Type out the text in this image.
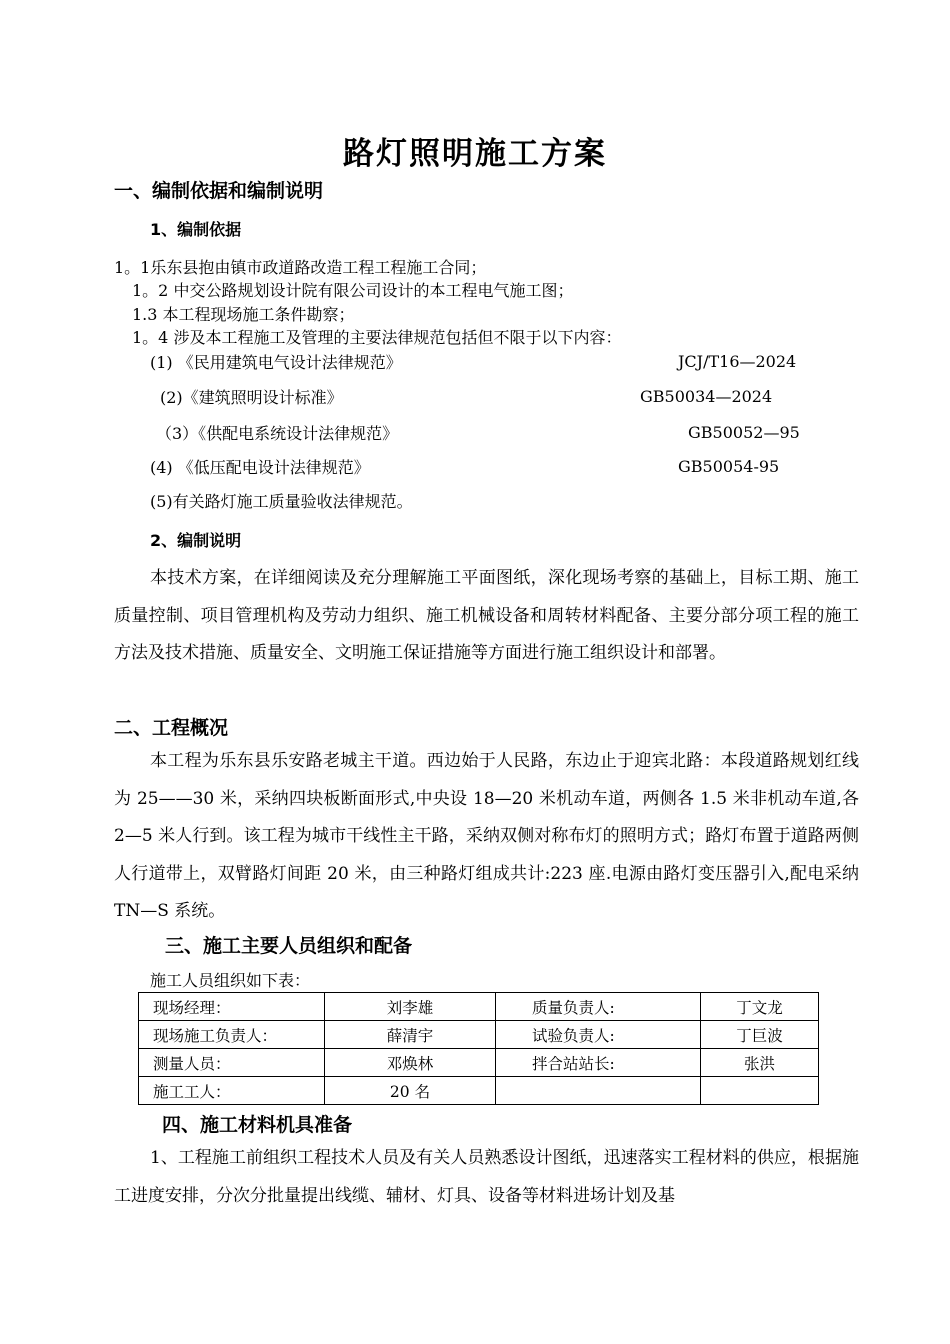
路灯照明施工方案
一、编制依据和编制说明
1、编制依据
1。1乐东县抱由镇市政道路改造工程工程施工合同；
1。2 中交公路规划设计院有限公司设计的本工程电气施工图；
1.3 本工程现场施工条件勘察；
1。4 涉及本工程施工及管理的主要法律规范包括但不限于以下内容：
(1) 《民用建筑电气设计法律规范》	JCJ/T16—2024
(2)《建筑照明设计标准》	GB50034—2024
（3）《供配电系统设计法律规范》	GB50052—95
(4) 《低压配电设计法律规范》	GB50054-95
(5)有关路灯施工质量验收法律规范。
2、编制说明
本技术方案，在详细阅读及充分理解施工平面图纸，深化现场考察的基础上，目标工期、施工质量控制、项目管理机构及劳动力组织、施工机械设备和周转材料配备、主要分部分项工程的施工方法及技术措施、质量安全、文明施工保证措施等方面进行施工组织设计和部署。
二、工程概况
本工程为乐东县乐安路老城主干道。西边始于人民路，东边止于迎宾北路：本段道路规划红线为 25——30 米，采纳四块板断面形式,中央设 18—20 米机动车道，两侧各 1.5 米非机动车道,各 2—5 米人行到。该工程为城市干线性主干路，采纳双侧对称布灯的照明方式；路灯布置于道路两侧人行道带上，双臂路灯间距 20 米，由三种路灯组成共计:223 座.电源由路灯变压器引入,配电采纳 TN—S 系统。
三、施工主要人员组织和配备
施工人员组织如下表：
现场经理：	刘李雄	质量负责人:	丁文龙
现场施工负责人：	薛清宇	试验负责人:	丁巨波
测量人员：	邓焕林	拌合站站长:	张洪
施工工人：	20 名		
四、施工材料机具准备
1、工程施工前组织工程技术人员及有关人员熟悉设计图纸，迅速落实工程材料的供应，根据施工进度安排，分次分批量提出线缆、辅材、灯具、设备等材料进场计划及基
